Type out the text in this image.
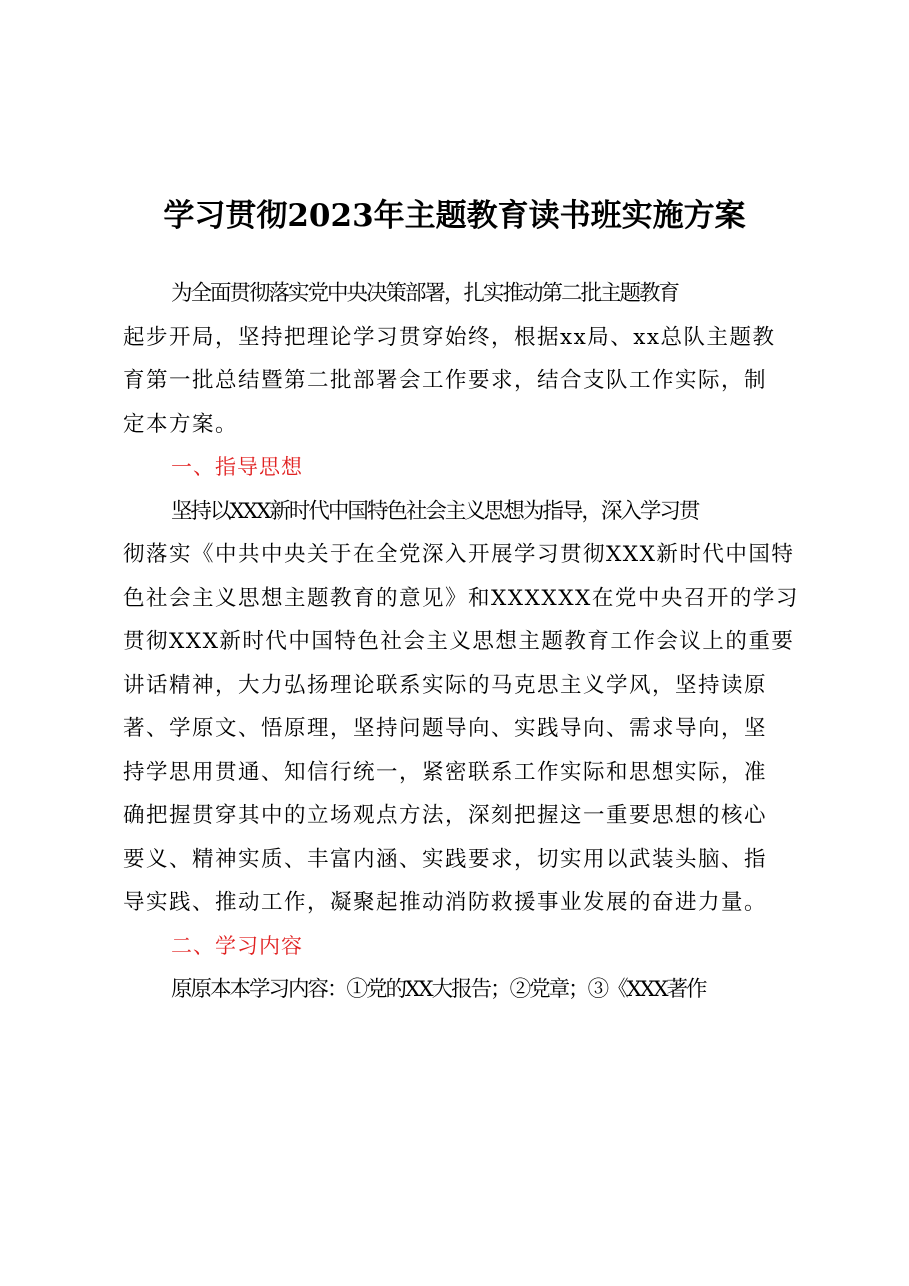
学习贯彻2023年主题教育读书班实施方案

为全面贯彻落实党中央决策部署，扎实推动第二批主题教育
起步开局，坚持把理论学习贯穿始终，根据xx局、xx总队主题教
育第一批总结暨第二批部署会工作要求，结合支队工作实际，制
定本方案。

一、指导思想

坚持以XXX新时代中国特色社会主义思想为指导，深入学习贯
彻落实《中共中央关于在全党深入开展学习贯彻XXX新时代中国特
色社会主义思想主题教育的意见》和XXXXXX在党中央召开的学习
贯彻XXX新时代中国特色社会主义思想主题教育工作会议上的重要
讲话精神，大力弘扬理论联系实际的马克思主义学风，坚持读原
著、学原文、悟原理，坚持问题导向、实践导向、需求导向，坚
持学思用贯通、知信行统一，紧密联系工作实际和思想实际，准
确把握贯穿其中的立场观点方法，深刻把握这一重要思想的核心
要义、精神实质、丰富内涵、实践要求，切实用以武装头脑、指
导实践、推动工作，凝聚起推动消防救援事业发展的奋进力量。

二、学习内容

原原本本学习内容：①党的XX大报告；②党章；③《XXX著作
